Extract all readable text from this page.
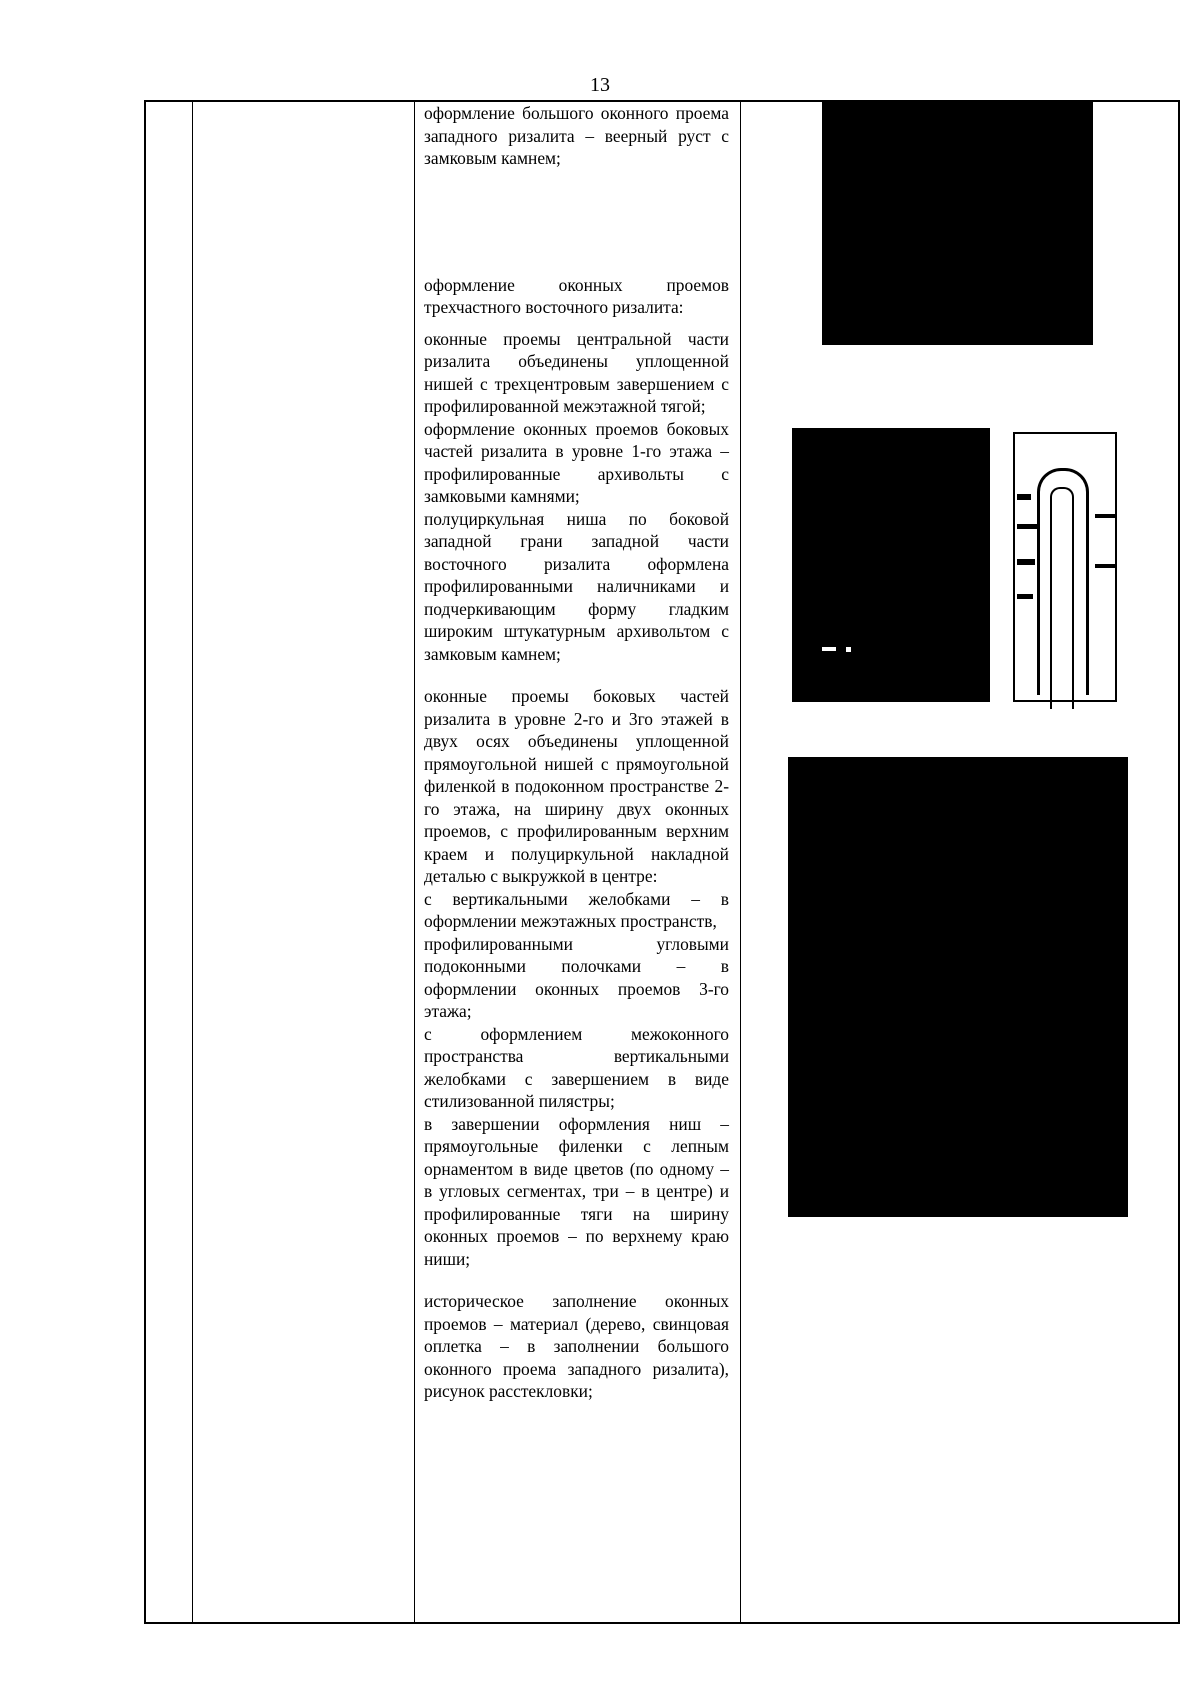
13

оформление большого оконного проема западного ризалита – веерный руст с замковым камнем;

оформление оконных проемов трехчастного восточного ризалита:

оконные проемы центральной части ризалита объединены уплощенной нишей с трехцентровым завершением с профилированной межэтажной тягой;

оформление оконных проемов боковых частей ризалита в уровне 1-го этажа – профилированные архивольты с замковыми камнями;

полуциркульная ниша по боковой западной грани западной части восточного ризалита оформлена профилированными наличниками и подчеркивающим форму гладким широким штукатурным архивольтом с замковым камнем;

оконные проемы боковых частей ризалита в уровне 2-го и 3го этажей в двух осях объединены уплощенной прямоугольной нишей с прямоугольной филенкой в подоконном пространстве 2-го этажа, на ширину двух оконных проемов, с профилированным верхним краем и полуциркульной накладной деталью с выкружкой в центре:

с вертикальными желобками – в оформлении межэтажных пространств,

профилированными угловыми подоконными полочками – в оформлении оконных проемов 3-го этажа;

с оформлением межоконного пространства вертикальными желобками с завершением в виде стилизованной пилястры;

в завершении оформления ниш – прямоугольные филенки с лепным орнаментом в виде цветов (по одному – в угловых сегментах, три – в центре) и профилированные тяги на ширину оконных проемов – по верхнему краю ниши;

историческое заполнение оконных проемов – материал (дерево, свинцовая оплетка – в заполнении большого оконного проема западного ризалита), рисунок расстекловки;
